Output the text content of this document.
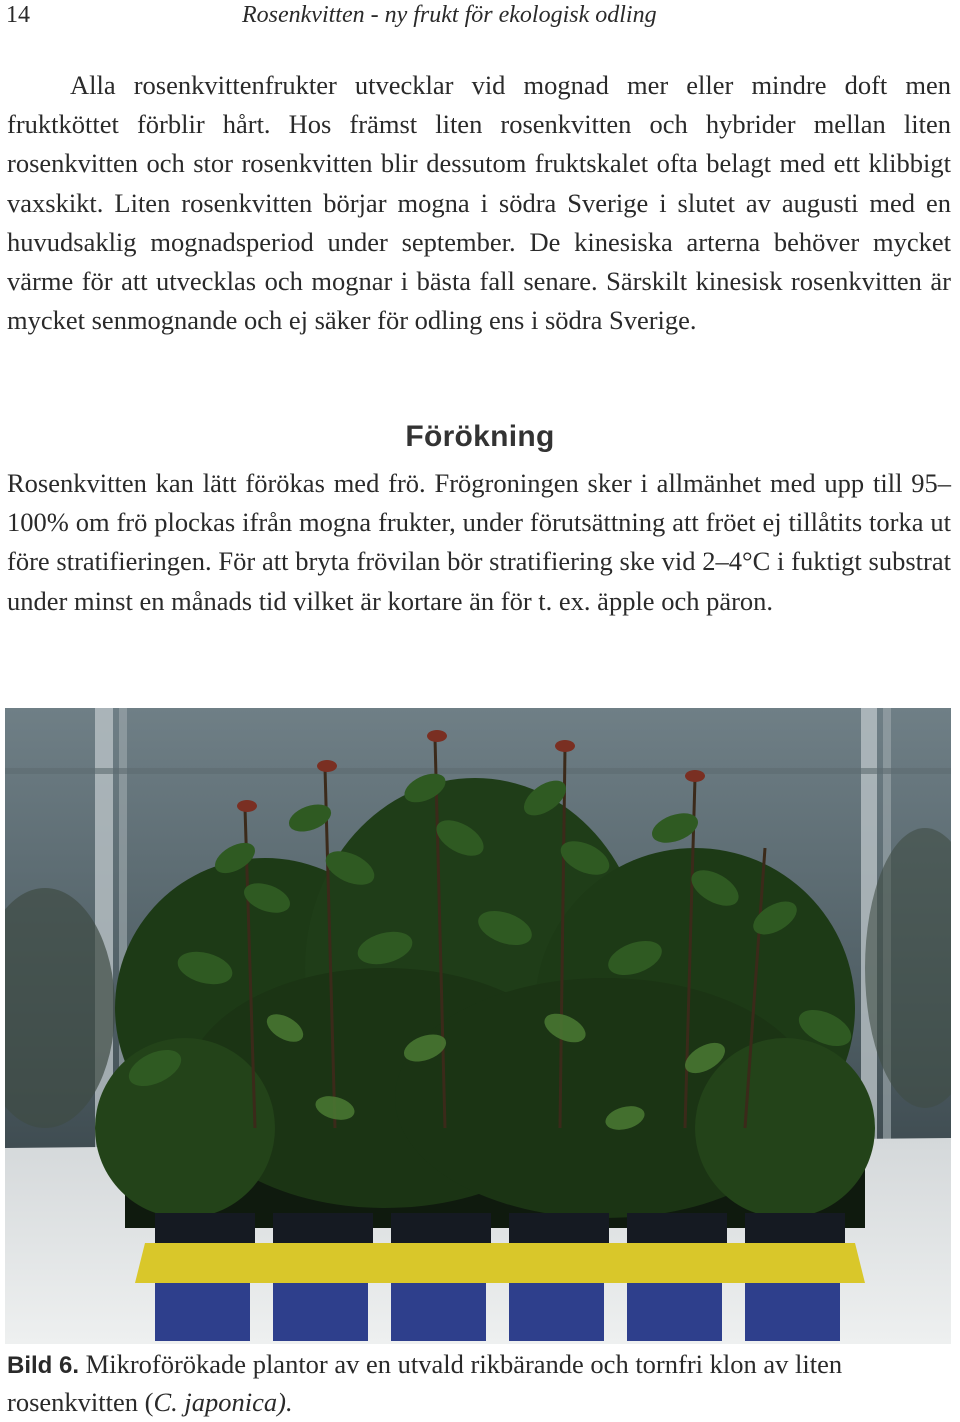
14	Rosenkvitten - ny frukt för ekologisk odling

Alla rosenkvittenfrukter utvecklar vid mognad mer eller mindre doft men fruktköttet förblir hårt. Hos främst liten rosenkvitten och hybrider mellan liten rosenkvitten och stor rosenkvitten blir dessutom fruktskalet ofta belagt med ett klibbigt vaxskikt. Liten rosenkvitten börjar mogna i södra Sverige i slutet av augusti med en huvudsaklig mognadsperiod under september. De kinesiska arterna behöver mycket värme för att utvecklas och mognar i bästa fall senare. Särskilt kinesisk rosenkvitten är mycket senmognande och ej säker för odling ens i södra Sverige.

Förökning

Rosenkvitten kan lätt förökas med frö. Frögroningen sker i allmänhet med upp till 95–100% om frö plockas ifrån mogna frukter, under förutsättning att fröet ej tillåtits torka ut före stratifieringen. För att bryta frövilan bör stratifiering ske vid 2–4°C i fuktigt substrat under minst en månads tid vilket är kortare än för t. ex. äpple och päron.

Bild 6. Mikroförökade plantor av en utvald rikbärande och tornfri klon av liten rosenkvitten (C. japonica).
